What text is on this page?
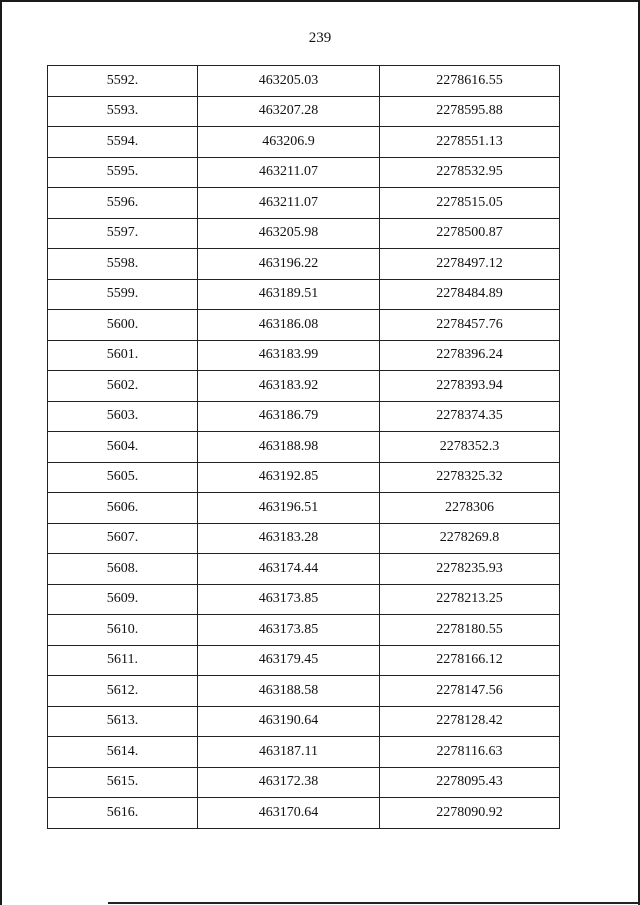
239
5592.	463205.03	2278616.55
5593.	463207.28	2278595.88
5594.	463206.9	2278551.13
5595.	463211.07	2278532.95
5596.	463211.07	2278515.05
5597.	463205.98	2278500.87
5598.	463196.22	2278497.12
5599.	463189.51	2278484.89
5600.	463186.08	2278457.76
5601.	463183.99	2278396.24
5602.	463183.92	2278393.94
5603.	463186.79	2278374.35
5604.	463188.98	2278352.3
5605.	463192.85	2278325.32
5606.	463196.51	2278306
5607.	463183.28	2278269.8
5608.	463174.44	2278235.93
5609.	463173.85	2278213.25
5610.	463173.85	2278180.55
5611.	463179.45	2278166.12
5612.	463188.58	2278147.56
5613.	463190.64	2278128.42
5614.	463187.11	2278116.63
5615.	463172.38	2278095.43
5616.	463170.64	2278090.92
